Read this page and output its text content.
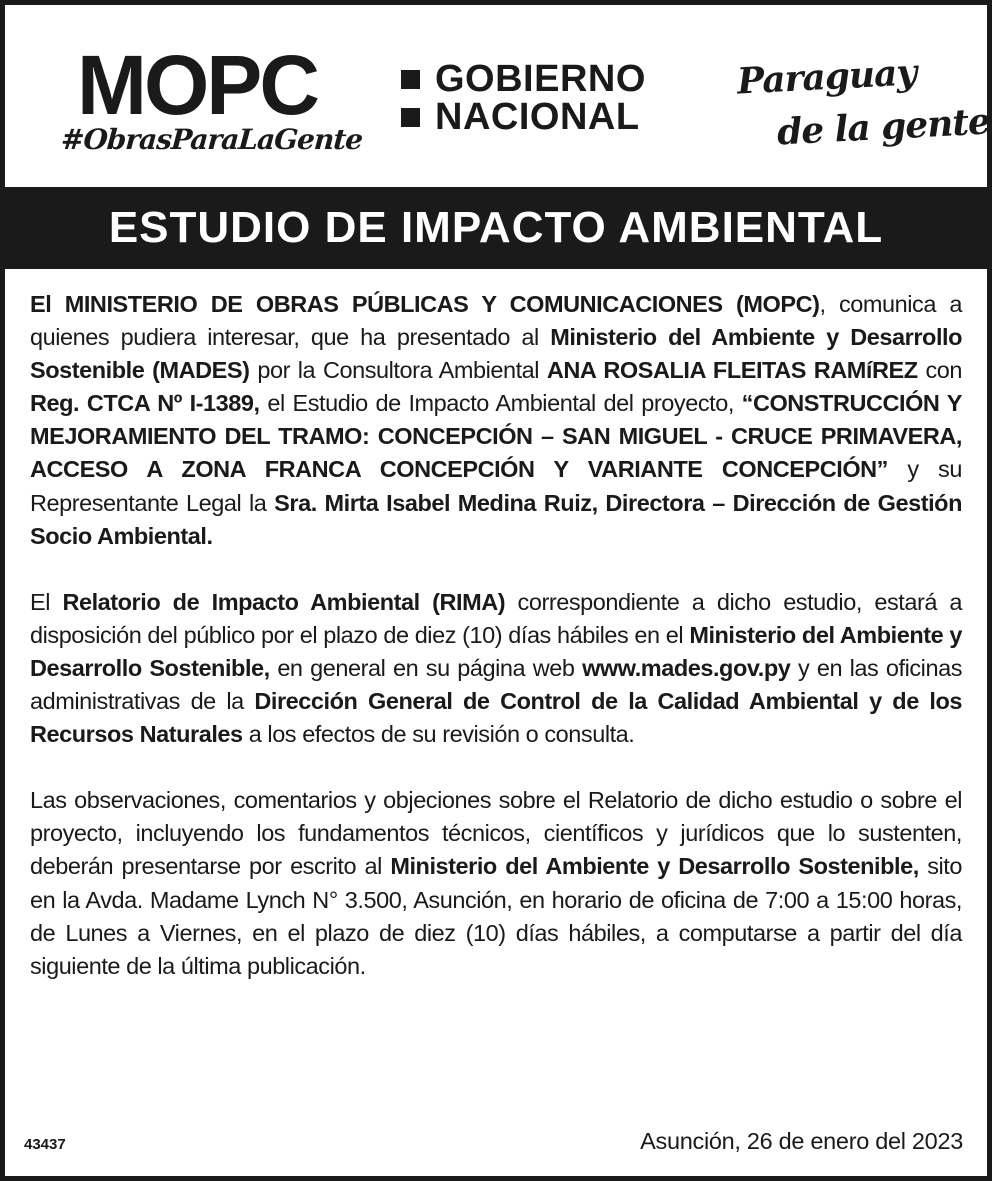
MOPC
#ObrasParaLaGente
GOBIERNO
NACIONAL
Paraguay
de la gente
ESTUDIO DE IMPACTO AMBIENTAL

El MINISTERIO DE OBRAS PÚBLICAS Y COMUNICACIONES (MOPC), comunica a quienes pudiera interesar, que ha presentado al Ministerio del Ambiente y Desarrollo Sostenible (MADES) por la Consultora Ambiental ANA ROSALIA FLEITAS RAMíREZ con Reg. CTCA Nº I-1389, el Estudio de Impacto Ambiental del proyecto, “CONSTRUCCIÓN Y MEJORAMIENTO DEL TRAMO: CONCEPCIÓN – SAN MIGUEL - CRUCE PRIMAVERA, ACCESO A ZONA FRANCA CONCEPCIÓN Y VARIANTE CONCEPCIÓN” y su Representante Legal la Sra. Mirta Isabel Medina Ruiz, Directora – Dirección de Gestión Socio Ambiental.

El Relatorio de Impacto Ambiental (RIMA) correspondiente a dicho estudio, estará a disposición del público por el plazo de diez (10) días hábiles en el Ministerio del Ambiente y Desarrollo Sostenible, en general en su página web www.mades.gov.py y en las oficinas administrativas de la Dirección General de Control de la Calidad Ambiental y de los Recursos Naturales a los efectos de su revisión o consulta.

Las observaciones, comentarios y objeciones sobre el Relatorio de dicho estudio o sobre el proyecto, incluyendo los fundamentos técnicos, científicos y jurídicos que lo sustenten, deberán presentarse por escrito al Ministerio del Ambiente y Desarrollo Sostenible, sito en la Avda. Madame Lynch N° 3.500, Asunción, en horario de oficina de 7:00 a 15:00 horas, de Lunes a Viernes, en el plazo de diez (10) días hábiles, a computarse a partir del día siguiente de la última publicación.

43437	Asunción, 26 de enero del 2023
